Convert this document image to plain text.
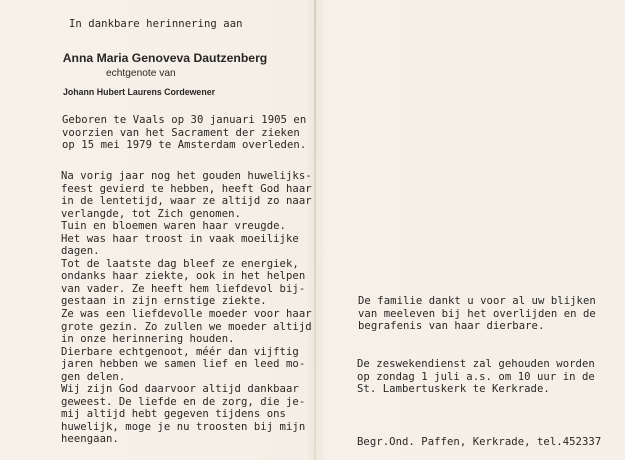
In dankbare herinnering aan
Anna Maria Genoveva Dautzenberg
echtgenote van
Johann Hubert Laurens Cordewener
Geboren te Vaals op 30 januari 1905 en
voorzien van het Sacrament der zieken
op 15 mei 1979 te Amsterdam overleden.
Na vorig jaar nog het gouden huwelijks-
feest gevierd te hebben, heeft God haar
in de lentetijd, waar ze altijd zo naar
verlangde, tot Zich genomen.
Tuin en bloemen waren haar vreugde.
Het was haar troost in vaak moeilijke
dagen.
Tot de laatste dag bleef ze energiek,
ondanks haar ziekte, ook in het helpen
van vader. Ze heeft hem liefdevol bij-
gestaan in zijn ernstige ziekte.
Ze was een liefdevolle moeder voor haar
grote gezin. Zo zullen we moeder altijd
in onze herinnering houden.
Dierbare echtgenoot, méér dan vijftig
jaren hebben we samen lief en leed mo-
gen delen.
Wij zijn God daarvoor altijd dankbaar
geweest. De liefde en de zorg, die je-
mij altijd hebt gegeven tijdens ons
huwelijk, moge je nu troosten bij mijn
heengaan.
De familie dankt u voor al uw blijken
van meeleven bij het overlijden en de
begrafenis van haar dierbare.
De zeswekendienst zal gehouden worden
op zondag 1 juli a.s. om 10 uur in de
St. Lambertuskerk te Kerkrade.
Begr.Ond. Paffen, Kerkrade, tel.452337
